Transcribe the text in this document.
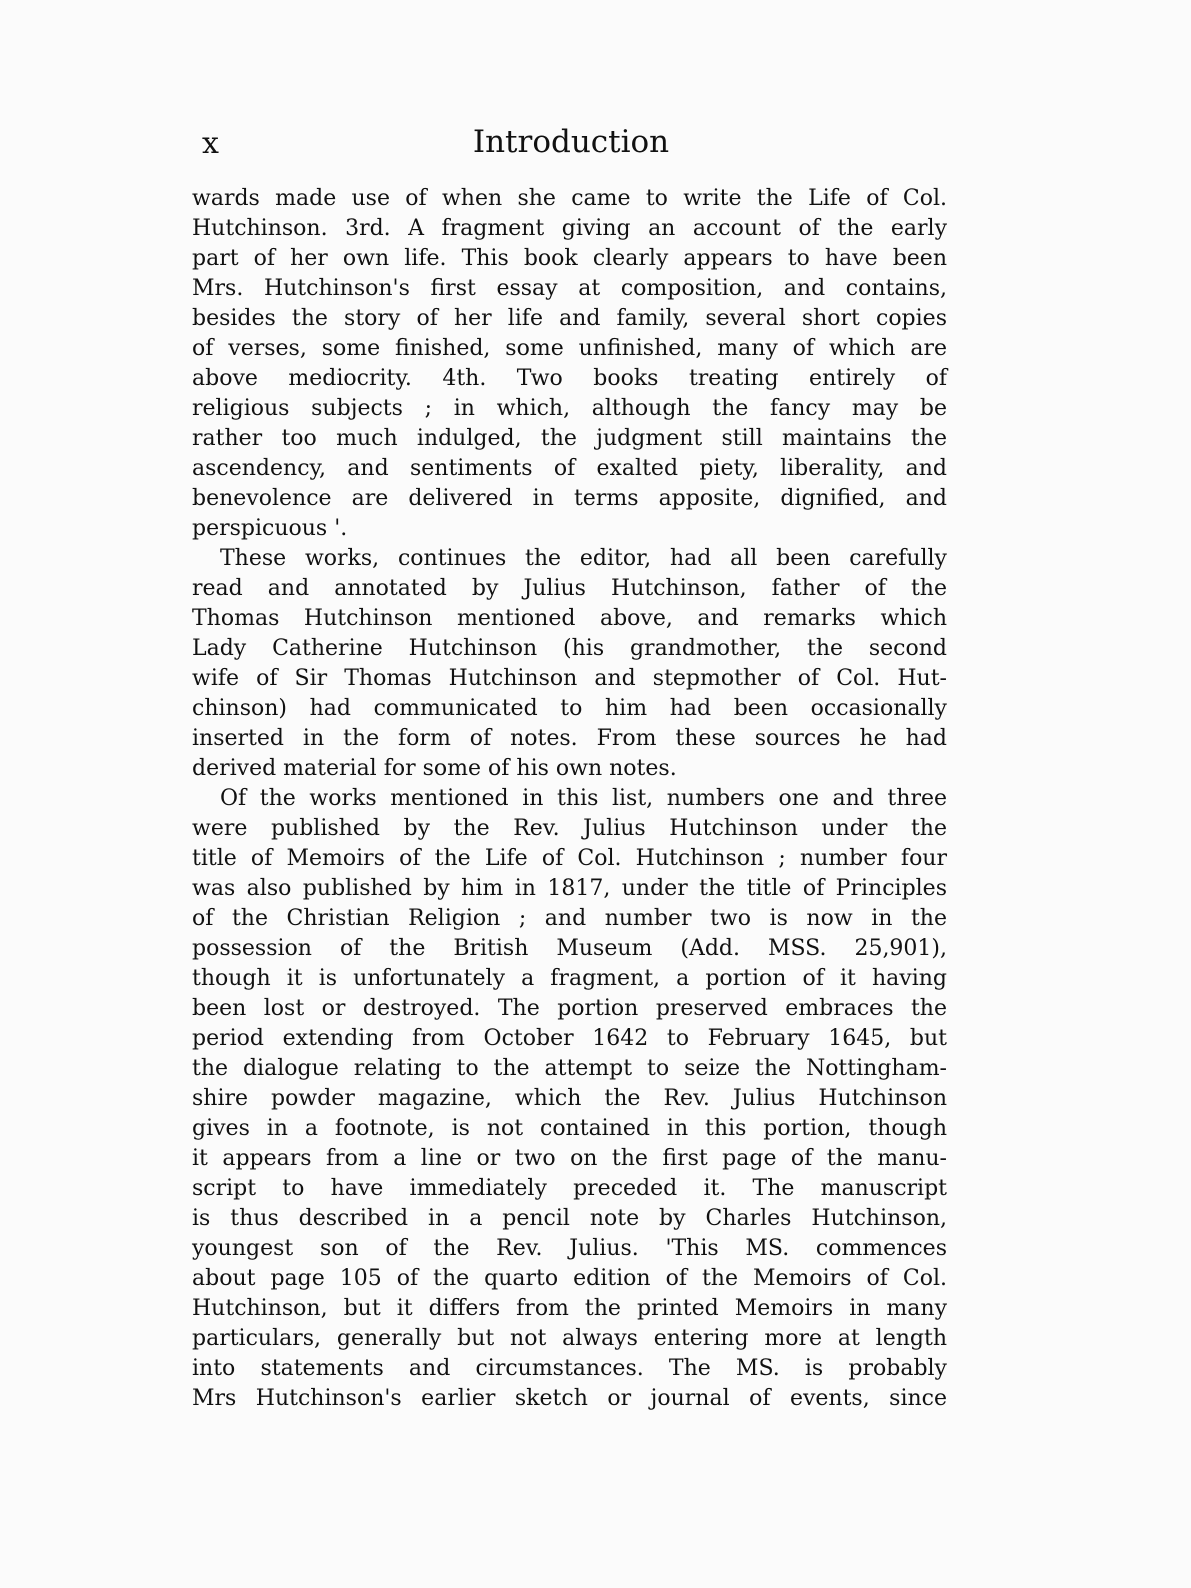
x	Introduction
wards made use of when she came to write the Life of Col.
Hutchinson. 3rd. A fragment giving an account of the early
part of her own life. This book clearly appears to have been
Mrs. Hutchinson's first essay at composition, and contains,
besides the story of her life and family, several short copies
of verses, some finished, some unfinished, many of which are
above mediocrity. 4th. Two books treating entirely of
religious subjects ; in which, although the fancy may be
rather too much indulged, the judgment still maintains the
ascendency, and sentiments of exalted piety, liberality, and
benevolence are delivered in terms apposite, dignified, and
perspicuous '.
These works, continues the editor, had all been carefully
read and annotated by Julius Hutchinson, father of the
Thomas Hutchinson mentioned above, and remarks which
Lady Catherine Hutchinson (his grandmother, the second
wife of Sir Thomas Hutchinson and stepmother of Col. Hut-
chinson) had communicated to him had been occasionally
inserted in the form of notes. From these sources he had
derived material for some of his own notes.
Of the works mentioned in this list, numbers one and three
were published by the Rev. Julius Hutchinson under the
title of Memoirs of the Life of Col. Hutchinson ; number four
was also published by him in 1817, under the title of Principles
of the Christian Religion ; and number two is now in the
possession of the British Museum (Add. MSS. 25,901),
though it is unfortunately a fragment, a portion of it having
been lost or destroyed. The portion preserved embraces the
period extending from October 1642 to February 1645, but
the dialogue relating to the attempt to seize the Nottingham-
shire powder magazine, which the Rev. Julius Hutchinson
gives in a footnote, is not contained in this portion, though
it appears from a line or two on the first page of the manu-
script to have immediately preceded it. The manuscript
is thus described in a pencil note by Charles Hutchinson,
youngest son of the Rev. Julius. 'This MS. commences
about page 105 of the quarto edition of the Memoirs of Col.
Hutchinson, but it differs from the printed Memoirs in many
particulars, generally but not always entering more at length
into statements and circumstances. The MS. is probably
Mrs Hutchinson's earlier sketch or journal of events, since
